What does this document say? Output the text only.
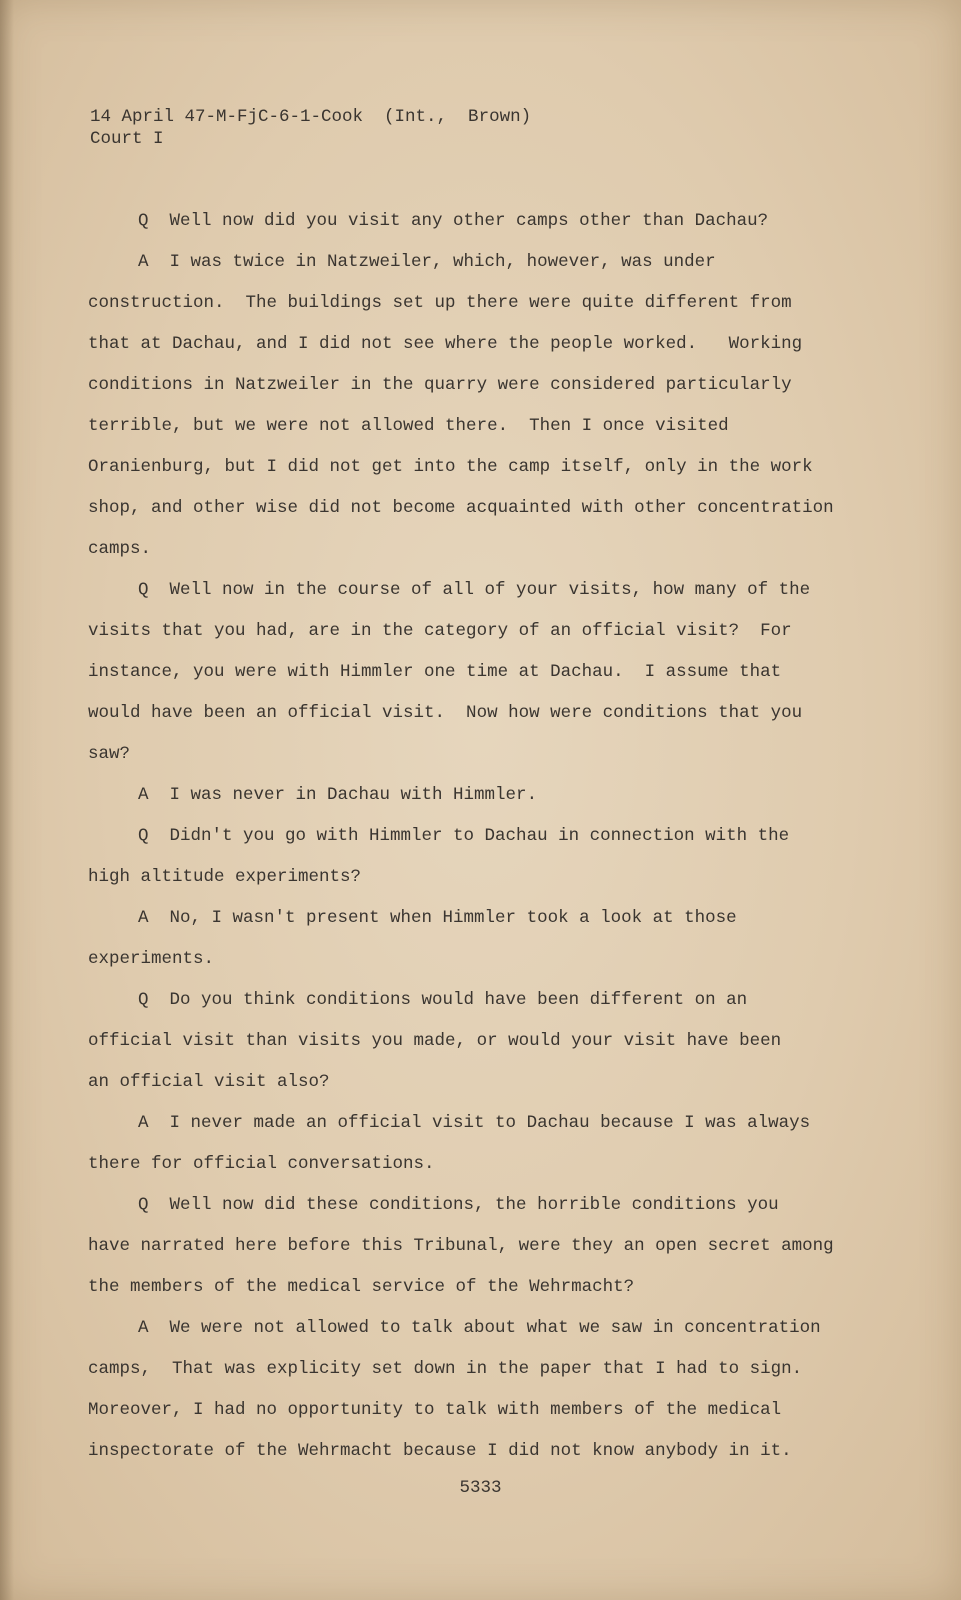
14 April 47-M-FjC-6-1-Cook  (Int.,  Brown)
Court I
Q  Well now did you visit any other camps other than Dachau?
A  I was twice in Natzweiler, which, however, was under
construction.  The buildings set up there were quite different from
that at Dachau, and I did not see where the people worked.   Working
conditions in Natzweiler in the quarry were considered particularly
terrible, but we were not allowed there.  Then I once visited
Oranienburg, but I did not get into the camp itself, only in the work
shop, and other wise did not become acquainted with other concentration
camps.
Q  Well now in the course of all of your visits, how many of the
visits that you had, are in the category of an official visit?  For
instance, you were with Himmler one time at Dachau.  I assume that
would have been an official visit.  Now how were conditions that you
saw?
A  I was never in Dachau with Himmler.
Q  Didn't you go with Himmler to Dachau in connection with the
high altitude experiments?
A  No, I wasn't present when Himmler took a look at those
experiments.
Q  Do you think conditions would have been different on an
official visit than visits you made, or would your visit have been
an official visit also?
A  I never made an official visit to Dachau because I was always
there for official conversations.
Q  Well now did these conditions, the horrible conditions you
have narrated here before this Tribunal, were they an open secret among
the members of the medical service of the Wehrmacht?
A  We were not allowed to talk about what we saw in concentration
camps,  That was explicity set down in the paper that I had to sign.
Moreover, I had no opportunity to talk with members of the medical
inspectorate of the Wehrmacht because I did not know anybody in it.
5333
